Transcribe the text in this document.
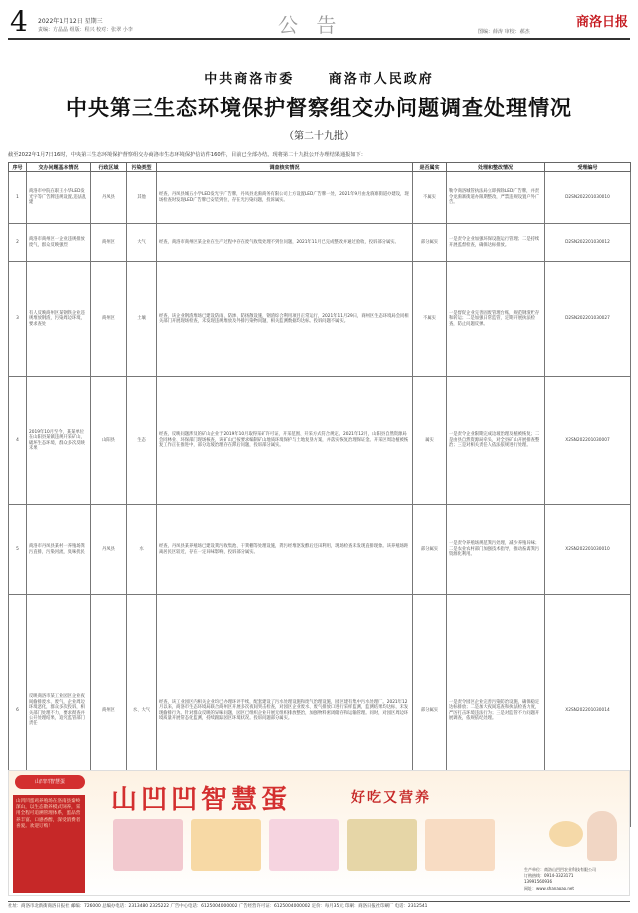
4 2022年1月12日 星期三
责编：方晶晶 组版：程兴 校对：张翠 小李	公 告	图编：薛涛 审校：郝杰
商洛日报
中共商洛市委	商洛市人民政府
中央第三生态环境保护督察组交办问题调查处理情况
（第二十九批）
截至2022年1月7日16时，中央第三生态环境保护督察组交办商洛市生态环境保护信访件160件，目前已全部办结。现将第二十九批公开办理结果通报如下：
序号	交办问题基本情况	行政区域	污染类型	调查核实情况	是否属实	处理和整改情况	受理编号
1	商洛市中院在职王小华LED发光字等广告牌违规设置,违法乱建	丹凤县	其他	经查，丹凤县城五小学LED发光字广告牌，丹凤县龙驹商务有限公司上方设置LED广告牌一处，2021年9月由龙驹寨街道办建设，现场检查时发现LED广告牌已安装到位，存在光污染问题，投诉属实。	不属实	勒令商洛城管执法局立即拆除LED广告牌，并责令龙驹寨街道办限期整改，严禁违规设置户外广告。	D2SN202201030010
2	商洛市商州区一企业违规排放废气，群众反映强烈	商州区	大气	经查，商洛市商州区某企业在生产过程中存在废气收集处理不到位问题，2021年11月已完成整改并通过验收，投诉部分属实。	部分属实	一是责令企业加强环保设施运行管理；二是持续开展监督检查，确保达标排放。	D2SN202201030012
3	有人反映商州区某钢铁企业违规堆放钢渣，污染周边环境，要求查处	商州区	土壤	经查，该企业钢渣堆场已建设防雨、防渗、防扬散设施，钢渣综合利用项目正常运行，2021年11月29日，商州区生态环境局会同相关部门开展现场检查，未发现违规堆放及外排污染物问题，相关监测数据均达标。投诉问题不属实。	不属实	一是督促企业完善固废管理台账，规范钢渣贮存和转运；二是加强日常监管，定期开展执法检查，防止问题反弹。	D2SN202201030027
4	2019年10月至今，某某单位在山阳县某镇违规开采矿山，破坏生态环境，群众多次反映未果	山阳县	生态	经查，反映问题涉及的矿山企业于2019年10月取得采矿许可证，开采范围、开采方式符合规定。2021年12月，山阳县自然资源局会同林业、环保部门现场核查，该矿山已按要求编制矿山地质环境保护与土地复垦方案，并落实恢复治理保证金。开采区周边植被恢复工作正在推进中，部分边坡治理存在滞后问题，投诉部分属实。	属实	一是责令企业限期完成边坡治理及植被恢复；二是由县自然资源局牵头，对全县矿山开展排查整治；三是对相关责任人依法依规进行处理。	X2SN202201030007
5	商洛市丹凤县某村一养殖场粪污直排，污染河流，臭味扰民	丹凤县	水	经查，丹凤县某养殖场已建设粪污收集池、干粪棚等处理设施，粪污经堆沤发酵后还田利用，现场检查未发现直排现象。该养殖场距离居民区较近，存在一定异味影响，投诉部分属实。	部分属实	一是责令养殖场规范粪污处理，减少养殖异味；二是农业农村部门加强技术指导，推动畜禽粪污资源化利用。	X2SN202201030010
6	反映商洛市某工业园区企业夜间偷排废水、废气，企业周边环境恶化，群众多次投诉，相关部门处理不力，要求彻查并公开处理结果，追究监管部门责任	商州区	水、大气	经查，该工业园区内相关企业均已办理环评手续，配套建设了污水处理设施和废气治理设施，园区建有集中污水处理厂。2021年12月以来，商洛市生态环境局联合商州区开展多次夜间突击检查，对园区企业废水、废气排放口进行采样监测，监测结果均达标，未发现偷排行为。针对群众反映的异味问题，园区已组织企业开展无组织排放整治，加强物料密闭储存和运输管理。同时，对园区周边环境质量开展常态化监测，持续跟踪园区环境状况。投诉问题部分属实。	部分属实	一是责令园区企业完善污染防治设施，确保稳定达标排放；二是加大夜间巡查和执法检查力度，严厉打击环境违法行为；三是对监管不力问题开展调查，依规依纪处理。	X2SN202201030014
山凹凹智慧蛋
山凹凹蛋鸡养殖场在洛南县秦岭深山，以生态散养模式饲养，采用全程可追溯管理体系，蛋品营养丰富、口感香醇，深受消费者喜爱。欢迎订购！
山凹凹智慧蛋	好吃又营养
生产单位：商洛山凹凹农业科技有限公司
订购热线：0914-3323171
13991560936
网址：www.shanaoao.net
社址：商洛市北新街商洛日报社 邮编：726000 总编办电话：2313480 2325222 广告中心电话：6125004000002 广告经营许可证：6125004000002 定价：每月35元 印刷：商洛日报社印刷厂 电话：2312541
